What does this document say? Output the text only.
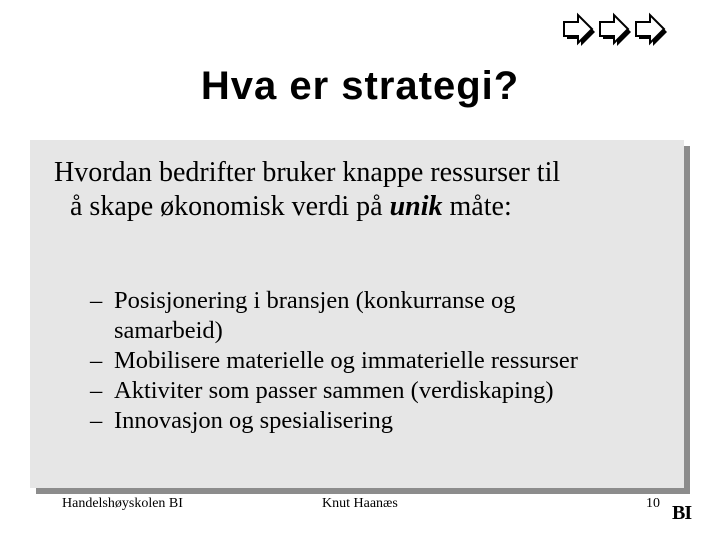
Hva er strategi?
Hvordan bedrifter bruker knappe ressurser til
å skape økonomisk verdi på unik måte:
– Posisjonering i bransjen (konkurranse og
samarbeid)
– Mobilisere materielle og immaterielle ressurser
– Aktiviter som passer sammen (verdiskaping)
– Innovasjon og spesialisering
Handelshøyskolen BI	Knut Haanæs	10 BI
